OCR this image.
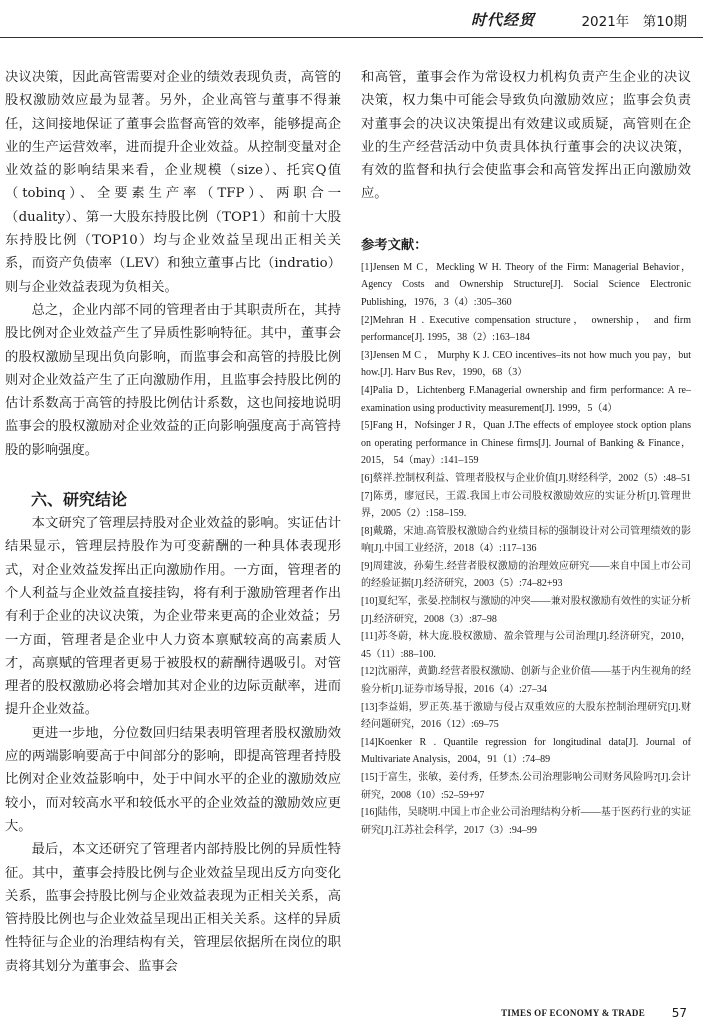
时代经贸	2021年　第10期

决议决策，因此高管需要对企业的绩效表现负责，高管的股权激励效应最为显著。另外，企业高管与董事不得兼任，这间接地保证了董事会监督高管的效率，能够提高企业的生产运营效率，进而提升企业效益。从控制变量对企业效益的影响结果来看，企业规模（size）、托宾Q值（tobinq）、全要素生产率（TFP）、两职合一（duality）、第一大股东持股比例（TOP1）和前十大股东持股比例（TOP10）均与企业效益呈现出正相关关系，而资产负债率（LEV）和独立董事占比（indratio）则与企业效益表现为负相关。

总之，企业内部不同的管理者由于其职责所在，其持股比例对企业效益产生了异质性影响特征。其中，董事会的股权激励呈现出负向影响，而监事会和高管的持股比例则对企业效益产生了正向激励作用，且监事会持股比例的估计系数高于高管的持股比例估计系数，这也间接地说明监事会的股权激励对企业效益的正向影响强度高于高管持股的影响强度。

六、研究结论

本文研究了管理层持股对企业效益的影响。实证估计结果显示，管理层持股作为可变薪酬的一种具体表现形式，对企业效益发挥出正向激励作用。一方面，管理者的个人利益与企业效益直接挂钩，将有利于激励管理者作出有利于企业的决议决策，为企业带来更高的企业效益；另一方面，管理者是企业中人力资本禀赋较高的高素质人才，高禀赋的管理者更易于被股权的薪酬待遇吸引。对管理者的股权激励必将会增加其对企业的边际贡献率，进而提升企业效益。

更进一步地，分位数回归结果表明管理者股权激励效应的两端影响要高于中间部分的影响，即提高管理者持股比例对企业效益影响中，处于中间水平的企业的激励效应较小，而对较高水平和较低水平的企业效益的激励效应更大。

最后，本文还研究了管理者内部持股比例的异质性特征。其中，董事会持股比例与企业效益呈现出反方向变化关系，监事会持股比例与企业效益表现为正相关关系，高管持股比例也与企业效益呈现出正相关关系。这样的异质性特征与企业的治理结构有关，管理层依据所在岗位的职责将其划分为董事会、监事会

和高管，董事会作为常设权力机构负责产生企业的决议决策，权力集中可能会导致负向激励效应；监事会负责对董事会的决议决策提出有效建议或质疑，高管则在企业的生产经营活动中负责具体执行董事会的决议决策，有效的监督和执行会使监事会和高管发挥出正向激励效应。

参考文献：
[1]Jensen M C，Meckling W H. Theory of the Firm: Managerial Behavior，Agency Costs and Ownership Structure[J]. Social Science Electronic Publishing，1976，3（4）:305–360
[2]Mehran H . Executive compensation structure， ownership， and firm performance[J]. 1995，38（2）:163–184
[3]Jensen M C ， Murphy K J. CEO incentives–its not how much you pay，but how.[J]. Harv Bus Rev，1990，68（3）
[4]Palia D，Lichtenberg F.Managerial ownership and firm performance: A re–examination using productivity measurement[J]. 1999，5（4）
[5]Fang H，Nofsinger J R，Quan J.The effects of employee stock option plans on operating performance in Chinese firms[J]. Journal of Banking & Finance，2015， 54（may）:141–159
[6]蔡祥.控制权利益、管理者股权与企业价值[J].财经科学，2002（5）:48–51
[7]陈勇，廖冠民，王霞.我国上市公司股权激励效应的实证分析[J].管理世界，2005（2）:158–159.
[8]戴璐，宋迪.高管股权激励合约业绩目标的强制设计对公司管理绩效的影响[J].中国工业经济，2018（4）:117–136
[9]周建波，孙菊生.经营者股权激励的治理效应研究——来自中国上市公司的经验证据[J].经济研究，2003（5）:74–82+93
[10]夏纪军，张晏.控制权与激励的冲突——兼对股权激励有效性的实证分析[J].经济研究，2008（3）:87–98
[11]苏冬蔚，林大庞.股权激励、盈余管理与公司治理[J].经济研究，2010，45（11）:88–100.
[12]沈丽萍，黄勤.经营者股权激励、创新与企业价值——基于内生视角的经验分析[J].证券市场导报，2016（4）:27–34
[13]李益娟，罗正英.基于激励与侵占双重效应的大股东控制治理研究[J].财经问题研究，2016（12）:69–75
[14]Koenker R . Quantile regression for longitudinal data[J]. Journal of Multivariate Analysis，2004，91（1）:74–89
[15]于富生，张敏，姜付秀，任梦杰.公司治理影响公司财务风险吗?[J].会计研究，2008（10）:52–59+97
[16]陆伟，吴晓明.中国上市企业公司治理结构分析——基于医药行业的实证研究[J].江苏社会科学，2017（3）:94–99
TIMES OF ECONOMY & TRADE 57
